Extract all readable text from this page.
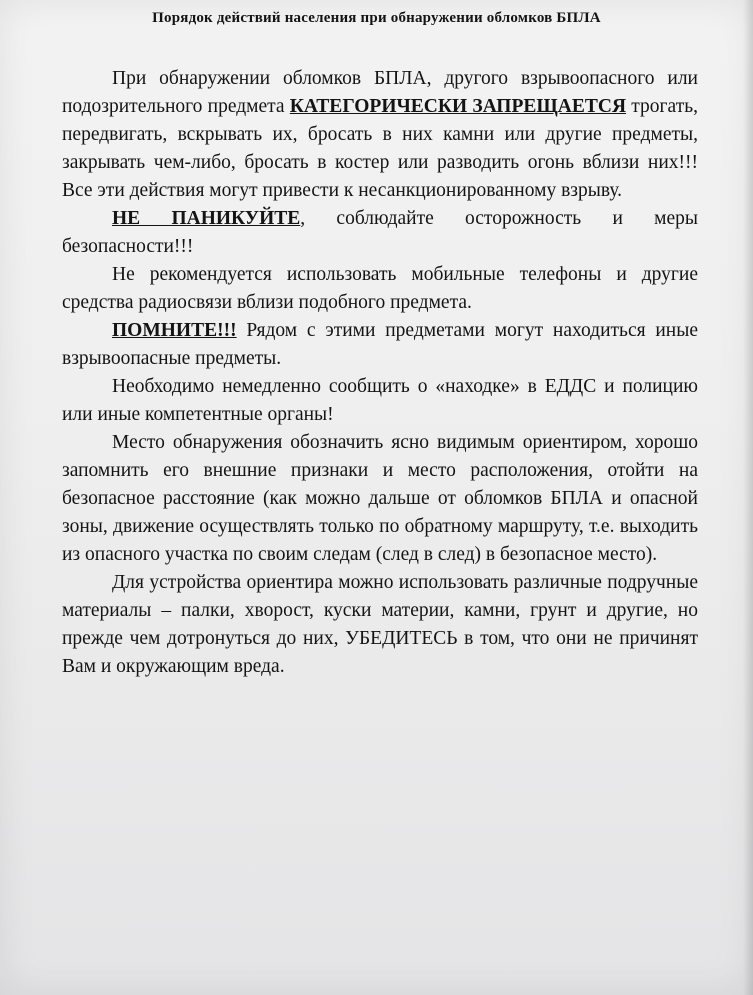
Порядок действий населения при обнаружении обломков БПЛА

При обнаружении обломков БПЛА, другого взрывоопасного или подозрительного предмета КАТЕГОРИЧЕСКИ ЗАПРЕЩАЕТСЯ трогать, передвигать, вскрывать их, бросать в них камни или другие предметы, закрывать чем-либо, бросать в костер или разводить огонь вблизи них!!! Все эти действия могут привести к несанкционированному взрыву.

НЕ ПАНИКУЙТЕ, соблюдайте осторожность и меры безопасности!!!

Не рекомендуется использовать мобильные телефоны и другие средства радиосвязи вблизи подобного предмета.

ПОМНИТЕ!!! Рядом с этими предметами могут находиться иные взрывоопасные предметы.

Необходимо немедленно сообщить о «находке» в ЕДДС и полицию или иные компетентные органы!

Место обнаружения обозначить ясно видимым ориентиром, хорошо запомнить его внешние признаки и место расположения, отойти на безопасное расстояние (как можно дальше от обломков БПЛА и опасной зоны, движение осуществлять только по обратному маршруту, т.е. выходить из опасного участка по своим следам (след в след) в безопасное место).

Для устройства ориентира можно использовать различные подручные материалы – палки, хворост, куски материи, камни, грунт и другие, но прежде чем дотронуться до них, УБЕДИТЕСЬ в том, что они не причинят Вам и окружающим вреда.
